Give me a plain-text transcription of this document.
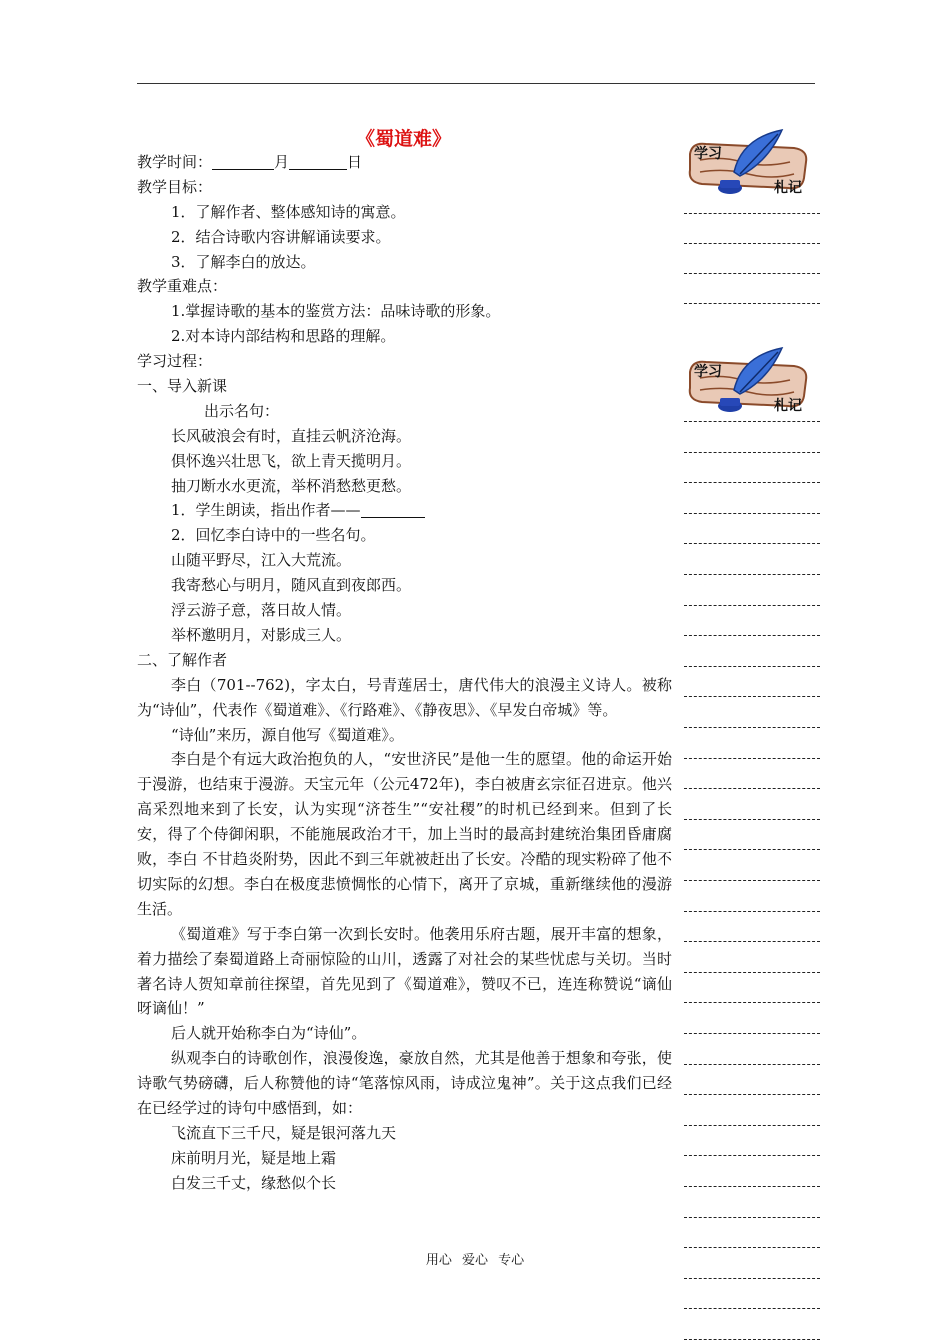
《蜀道难》
教学时间：	月	日
教学目标：
1．了解作者、整体感知诗的寓意。
2．结合诗歌内容讲解诵读要求。
3．了解李白的放达。
教学重难点：
1.掌握诗歌的基本的鉴赏方法：品味诗歌的形象。
2.对本诗内部结构和思路的理解。
学习过程：
一、导入新课
出示名句：
长风破浪会有时，直挂云帆济沧海。
俱怀逸兴壮思飞，欲上青天揽明月。
抽刀断水水更流，举杯消愁愁更愁。
1．学生朗读，指出作者——
2．回忆李白诗中的一些名句。
山随平野尽，江入大荒流。
我寄愁心与明月，随风直到夜郎西。
浮云游子意，落日故人情。
举杯邀明月，对影成三人。
二、了解作者
李白（701--762)，字太白，号青莲居士，唐代伟大的浪漫主义诗人。被称为“诗仙”，代表作《蜀道难》、《行路难》、《静夜思》、《早发白帝城》等。
“诗仙”来历，源自他写《蜀道难》。
李白是个有远大政治抱负的人，“安世济民”是他一生的愿望。他的命运开始于漫游，也结束于漫游。天宝元年（公元472年)，李白被唐玄宗征召进京。他兴高采烈地来到了长安，认为实现“济苍生”“安社稷”的时机已经到来。但到了长安，得了个侍御闲职，不能施展政治才干，加上当时的最高封建统治集团昏庸腐败，李白 不甘趋炎附势，因此不到三年就被赶出了长安。冷酷的现实粉碎了他不切实际的幻想。李白在极度悲愤惆怅的心情下，离开了京城，重新继续他的漫游生活。
《蜀道难》写于李白第一次到长安时。他袭用乐府古题，展开丰富的想象，着力描绘了秦蜀道路上奇丽惊险的山川，透露了对社会的某些忧虑与关切。当时著名诗人贺知章前往探望，首先见到了《蜀道难》，赞叹不已，连连称赞说“谪仙呀谪仙！”
后人就开始称李白为“诗仙”。
纵观李白的诗歌创作，浪漫俊逸，豪放自然，尤其是他善于想象和夸张，使诗歌气势磅礴，后人称赞他的诗“笔落惊风雨，诗成泣鬼神”。关于这点我们已经在已经学过的诗句中感悟到，如：
飞流直下三千尺，疑是银河落九天
床前明月光，疑是地上霜
白发三千丈，缘愁似个长
学习
札记
学习
札记
用心 爱心 专心
